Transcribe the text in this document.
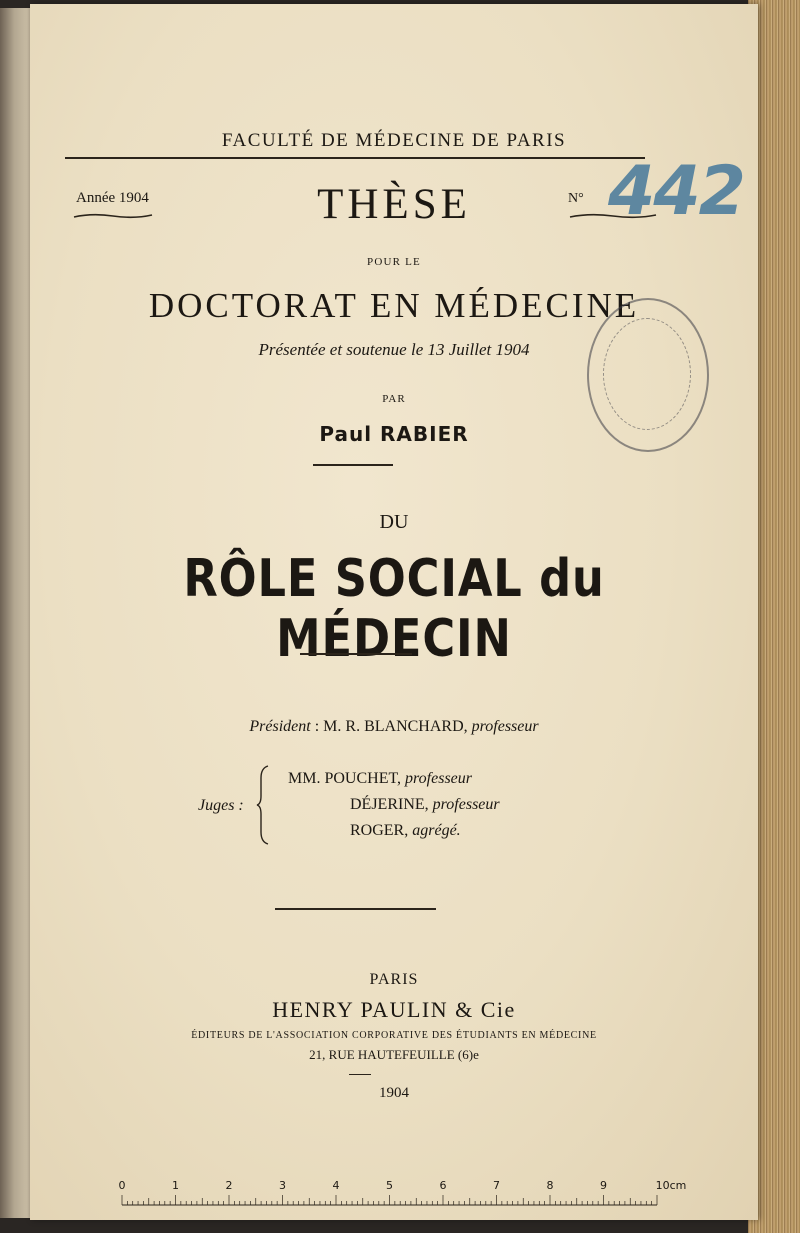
FACULTÉ DE MÉDECINE DE PARIS
Année 1904	THÈSE	N° 442
POUR LE
DOCTORAT EN MÉDECINE
Présentée et soutenue le 13 Juillet 1904
PAR
Paul RABIER
DU
RÔLE SOCIAL du MÉDECIN
Président : M. R. BLANCHARD, professeur
Juges :
MM. POUCHET, professeur
DÉJERINE, professeur
ROGER, agrégé.
PARIS
HENRY PAULIN & Cie
ÉDITEURS DE L'ASSOCIATION CORPORATIVE DES ÉTUDIANTS EN MÉDECINE
21, RUE HAUTEFEUILLE (6)e
1904
0	1	2	3	4	5	6	7	8	9	10cm
